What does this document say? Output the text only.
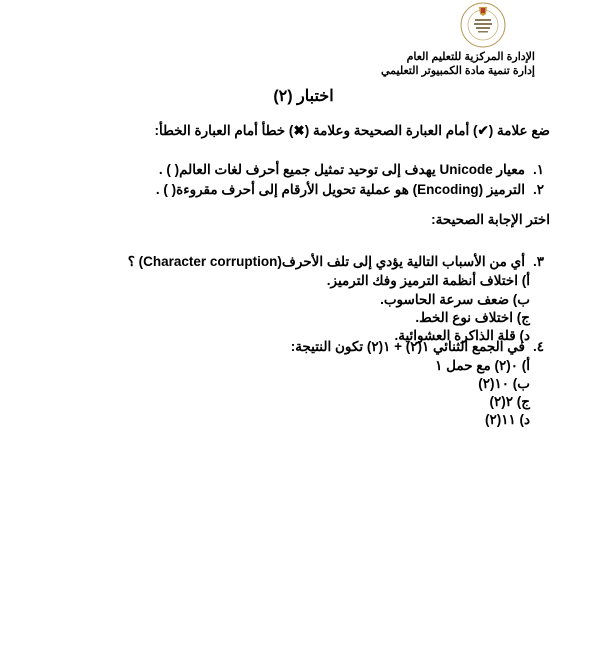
الإدارة المركزية للتعليم العام
إدارة تنمية مادة الكمبيوتر التعليمي
اختبار (٢)
ضع علامة (✔) أمام العبارة الصحيحة وعلامة (✖) خطأ أمام العبارة الخطأ:
١.معيار Unicode يهدف إلى توحيد تمثيل جميع أحرف لغات العالم( ) .
٢.الترميز (Encoding) هو عملية تحويل الأرقام إلى أحرف مقروءة( ) .
اختر الإجابة الصحيحة:
٣.أي من الأسباب التالية يؤدي إلى تلف الأحرف(Character corruption) ؟
أ) اختلاف أنظمة الترميز وفك الترميز.
ب) ضعف سرعة الحاسوب.
ج) اختلاف نوع الخط.
د) قلة الذاكرة العشوائية.
٤.في الجمع الثنائي ١(٢) + ١(٢) تكون النتيجة:
أ) ٠(٢) مع حمل ١
ب) ١٠(٢)
ج) ٢(٢)
د) ١١(٢)
